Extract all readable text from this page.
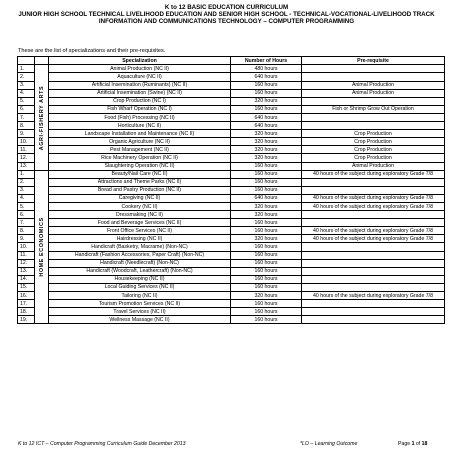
K to 12 BASIC EDUCATION CURRICULUM
JUNIOR HIGH SCHOOL TECHNICAL LIVELIHOOD EDUCATION AND SENIOR HIGH SCHOOL - TECHNICAL-VOCATIONAL-LIVELIHOOD TRACK
INFORMATION AND COMMUNICATIONS TECHNOLOGY – COMPUTER PROGRAMMING
These are the list of specializations and their pre-requisites.
		Specialization	Number of Hours	Pre-requisite
1.	AGRI-FISHERY ARTS	Animal Production (NC II)	480 hours	
2.		Aquaculture (NC II)	640 hours	
3.		Artificial Insemination (Ruminants) (NC II)	160 hours	Animal Production
4.		Artificial Insemination (Swine) (NC II)	160 hours	Animal Production
5.		Crop Production (NC I)	320 hours	
6.		Fish Wharf Operation (NC I)	160 hours	Fish or Shrimp Grow Out Operation
7.		Food (Fish) Processing (NC II)	640 hours	
8.		Horticulture (NC II)	640 hours	
9.		Landscape Installation and Maintenance (NC II)	320 hours	Crop Production
10.		Organic Agriculture (NC II)	320 hours	Crop Production
11.		Pest Management (NC II)	320 hours	Crop Production
12.		Rice Machinery Operation (NC II)	320 hours	Crop Production
13.		Slaughtering Operation (NC II)	160 hours	Animal Production
1.	HOME ECONOMICS	Beauty/Nail Care (NC II)	160 hours	40 hours of the subject during exploratory Grade 7/8
2.		Attractions and Theme Parks (NC II)	160 hours	
3.		Bread and Pastry Production (NC II)	160 hours	
4.		Caregiving (NC II)	640 hours	40 hours of the subject during exploratory Grade 7/8
5.		Cookery (NC II)	320 hours	40 hours of the subject during exploratory Grade 7/8
6.		Dressmaking (NC II)	320 hours	
7.		Food and Beverage Services (NC II)	160 hours	
8.		Front Office Services (NC II)	160 hours	40 hours of the subject during exploratory Grade 7/8
9.		Hairdressing (NC II)	320 hours	40 hours of the subject during exploratory Grade 7/8
10.		Handicraft (Basketry, Macrame) (Non-NC)	160 hours	
11.		Handicraft (Fashion Accessories, Paper Craft) (Non-NC)	160 hours	
12.		Handicraft (Needlecraft) (Non-NC)	160 hours	
13.		Handicraft (Woodcraft, Leathercraft) (Non-NC)	160 hours	
14.		Housekeeping (NC II)	160 hours	
15.		Local Guiding Services (NC II)	160 hours	
16.		Tailoring (NC II)	320 hours	40 hours of the subject during exploratory Grade 7/8
17.		Tourism Promotion Services (NC II)	160 hours	
18.		Travel Services (NC II)	160 hours	
19.		Wellness Massage (NC II)	160 hours	
K to 12 ICT – Computer Programming Curriculum Guide December 2013	*LO – Learning Outcome	Page 1 of 18
